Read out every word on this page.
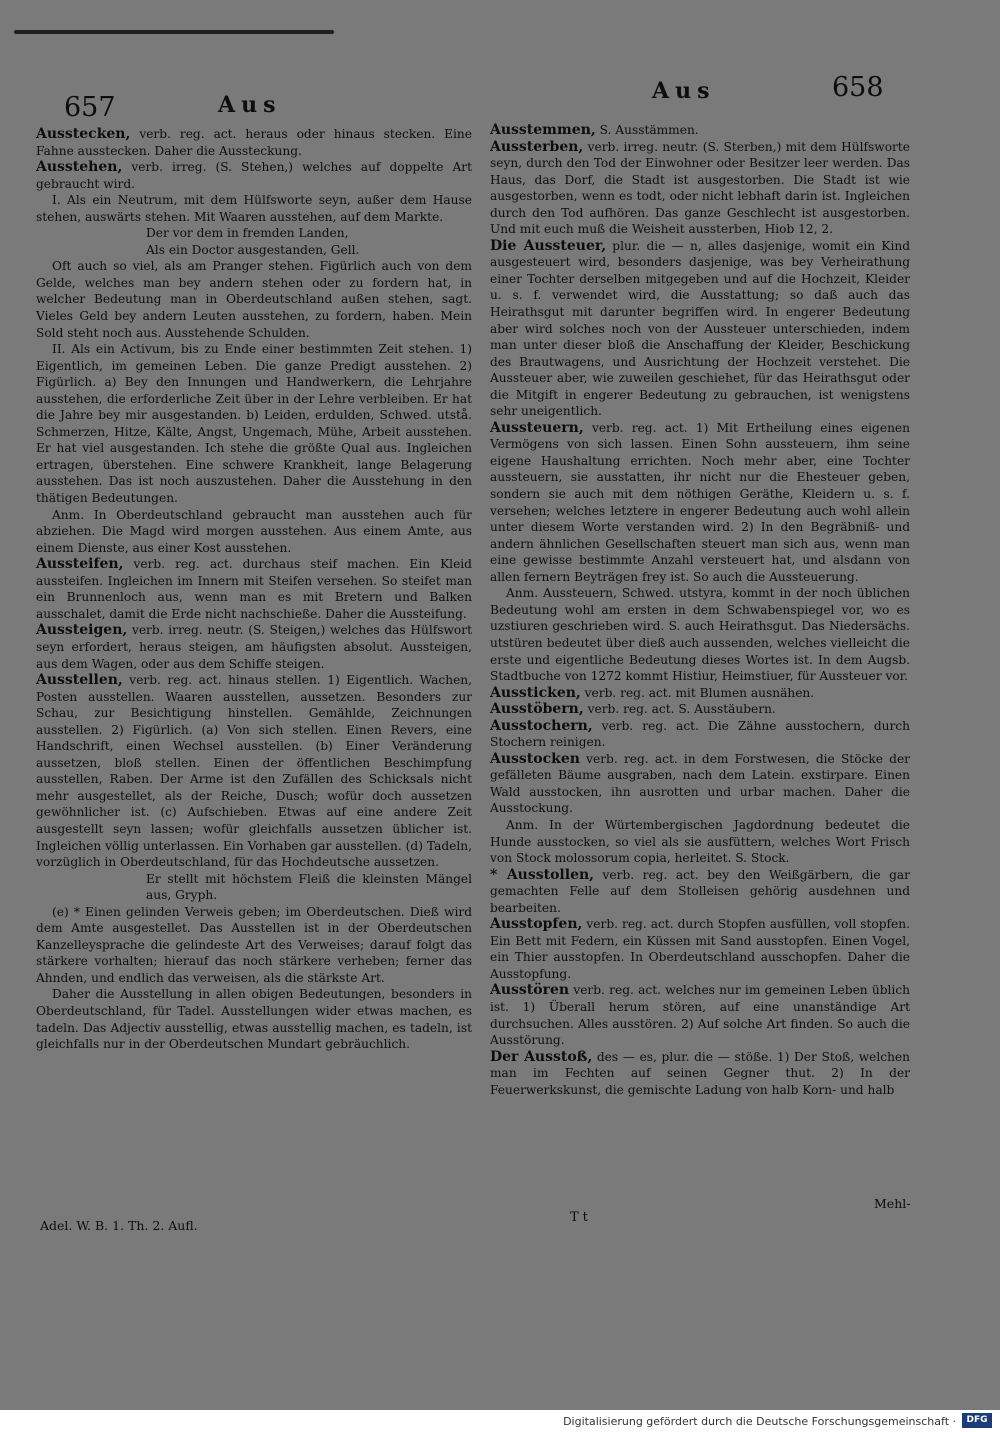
657	Aus
Aus	658

Ausstecken, verb. reg. act. heraus oder hinaus stecken. Eine Fahne ausstecken. Daher die Aussteckung.

Ausstehen, verb. irreg. (S. Stehen,) welches auf doppelte Art gebraucht wird.

I. Als ein Neutrum, mit dem Hülfsworte seyn, außer dem Hause stehen, auswärts stehen. Mit Waaren ausstehen, auf dem Markte.

Der vor dem in fremden Landen,

Als ein Doctor ausgestanden, Gell.

Oft auch so viel, als am Pranger stehen. Figürlich auch von dem Gelde, welches man bey andern stehen oder zu fordern hat, in welcher Bedeutung man in Oberdeutschland außen stehen, sagt. Vieles Geld bey andern Leuten ausstehen, zu fordern, haben. Mein Sold steht noch aus. Ausstehende Schulden.

II. Als ein Activum, bis zu Ende einer bestimmten Zeit stehen. 1) Eigentlich, im gemeinen Leben. Die ganze Predigt ausstehen. 2) Figürlich. a) Bey den Innungen und Handwerkern, die Lehrjahre ausstehen, die erforderliche Zeit über in der Lehre verbleiben. Er hat die Jahre bey mir ausgestanden. b) Leiden, erdulden, Schwed. utstå. Schmerzen, Hitze, Kälte, Angst, Ungemach, Mühe, Arbeit ausstehen. Er hat viel ausgestanden. Ich stehe die größte Qual aus. Ingleichen ertragen, überstehen. Eine schwere Krankheit, lange Belagerung ausstehen. Das ist noch auszustehen. Daher die Ausstehung in den thätigen Bedeutungen.

Anm. In Oberdeutschland gebraucht man ausstehen auch für abziehen. Die Magd wird morgen ausstehen. Aus einem Amte, aus einem Dienste, aus einer Kost ausstehen.

Aussteifen, verb. reg. act. durchaus steif machen. Ein Kleid aussteifen. Ingleichen im Innern mit Steifen versehen. So steifet man ein Brunnenloch aus, wenn man es mit Bretern und Balken ausschalet, damit die Erde nicht nachschieße. Daher die Aussteifung.

Aussteigen, verb. irreg. neutr. (S. Steigen,) welches das Hülfswort seyn erfordert, heraus steigen, am häufigsten absolut. Aussteigen, aus dem Wagen, oder aus dem Schiffe steigen.

Ausstellen, verb. reg. act. hinaus stellen. 1) Eigentlich. Wachen, Posten ausstellen. Waaren ausstellen, aussetzen. Besonders zur Schau, zur Besichtigung hinstellen. Gemählde, Zeichnungen ausstellen. 2) Figürlich. (a) Von sich stellen. Einen Revers, eine Handschrift, einen Wechsel ausstellen. (b) Einer Veränderung aussetzen, bloß stellen. Einen der öffentlichen Beschimpfung ausstellen, Raben. Der Arme ist den Zufällen des Schicksals nicht mehr ausgestellet, als der Reiche, Dusch; wofür doch aussetzen gewöhnlicher ist. (c) Aufschieben. Etwas auf eine andere Zeit ausgestellt seyn lassen; wofür gleichfalls aussetzen üblicher ist. Ingleichen völlig unterlassen. Ein Vorhaben gar ausstellen. (d) Tadeln, vorzüglich in Oberdeutschland, für das Hochdeutsche aussetzen.

Er stellt mit höchstem Fleiß die kleinsten Mängel aus, Gryph.

(e) * Einen gelinden Verweis geben; im Oberdeutschen. Dieß wird dem Amte ausgestellet. Das Ausstellen ist in der Oberdeutschen Kanzelleysprache die gelindeste Art des Verweises; darauf folgt das stärkere vorhalten; hierauf das noch stärkere verheben; ferner das Ahnden, und endlich das verweisen, als die stärkste Art.

Daher die Ausstellung in allen obigen Bedeutungen, besonders in Oberdeutschland, für Tadel. Ausstellungen wider etwas machen, es tadeln. Das Adjectiv ausstellig, etwas ausstellig machen, es tadeln, ist gleichfalls nur in der Oberdeutschen Mundart gebräuchlich.

Ausstemmen, S. Ausstämmen.

Aussterben, verb. irreg. neutr. (S. Sterben,) mit dem Hülfsworte seyn, durch den Tod der Einwohner oder Besitzer leer werden. Das Haus, das Dorf, die Stadt ist ausgestorben. Die Stadt ist wie ausgestorben, wenn es todt, oder nicht lebhaft darin ist. Ingleichen durch den Tod aufhören. Das ganze Geschlecht ist ausgestorben. Und mit euch muß die Weisheit aussterben, Hiob 12, 2.

Die Aussteuer, plur. die — n, alles dasjenige, womit ein Kind ausgesteuert wird, besonders dasjenige, was bey Verheirathung einer Tochter derselben mitgegeben und auf die Hochzeit, Kleider u. s. f. verwendet wird, die Ausstattung; so daß auch das Heirathsgut mit darunter begriffen wird. In engerer Bedeutung aber wird solches noch von der Aussteuer unterschieden, indem man unter dieser bloß die Anschaffung der Kleider, Beschickung des Brautwagens, und Ausrichtung der Hochzeit verstehet. Die Aussteuer aber, wie zuweilen geschiehet, für das Heirathsgut oder die Mitgift in engerer Bedeutung zu gebrauchen, ist wenigstens sehr uneigentlich.

Aussteuern, verb. reg. act. 1) Mit Ertheilung eines eigenen Vermögens von sich lassen. Einen Sohn aussteuern, ihm seine eigene Haushaltung errichten. Noch mehr aber, eine Tochter aussteuern, sie ausstatten, ihr nicht nur die Ehesteuer geben, sondern sie auch mit dem nöthigen Geräthe, Kleidern u. s. f. versehen; welches letztere in engerer Bedeutung auch wohl allein unter diesem Worte verstanden wird. 2) In den Begräbniß- und andern ähnlichen Gesellschaften steuert man sich aus, wenn man eine gewisse bestimmte Anzahl versteuert hat, und alsdann von allen fernern Beyträgen frey ist. So auch die Aussteuerung.

Anm. Aussteuern, Schwed. utstyra, kommt in der noch üblichen Bedeutung wohl am ersten in dem Schwabenspiegel vor, wo es uzstiuren geschrieben wird. S. auch Heirathsgut. Das Niedersächs. utstüren bedeutet über dieß auch aussenden, welches vielleicht die erste und eigentliche Bedeutung dieses Wortes ist. In dem Augsb. Stadtbuche von 1272 kommt Histiur, Heimstiuer, für Aussteuer vor.

Aussticken, verb. reg. act. mit Blumen ausnähen.

Ausstöbern, verb. reg. act. S. Ausstäubern.

Ausstochern, verb. reg. act. Die Zähne ausstochern, durch Stochern reinigen.

Ausstocken verb. reg. act. in dem Forstwesen, die Stöcke der gefälleten Bäume ausgraben, nach dem Latein. exstirpare. Einen Wald ausstocken, ihn ausrotten und urbar machen. Daher die Ausstockung.

Anm. In der Würtembergischen Jagdordnung bedeutet die Hunde ausstocken, so viel als sie ausfüttern, welches Wort Frisch von Stock molossorum copia, herleitet. S. Stock.

* Ausstollen, verb. reg. act. bey den Weißgärbern, die gar gemachten Felle auf dem Stolleisen gehörig ausdehnen und bearbeiten.

Ausstopfen, verb. reg. act. durch Stopfen ausfüllen, voll stopfen. Ein Bett mit Federn, ein Küssen mit Sand ausstopfen. Einen Vogel, ein Thier ausstopfen. In Oberdeutschland ausschopfen. Daher die Ausstopfung.

Ausstören verb. reg. act. welches nur im gemeinen Leben üblich ist. 1) Überall herum stören, auf eine unanständige Art durchsuchen. Alles ausstören. 2) Auf solche Art finden. So auch die Ausstörung.

Der Ausstoß, des — es, plur. die — stöße. 1) Der Stoß, welchen man im Fechten auf seinen Gegner thut. 2) In der Feuerwerkskunst, die gemischte Ladung von halb Korn- und halb

Adel. W. B. 1. Th. 2. Aufl.
Tt
Mehl-
Digitalisierung gefördert durch die Deutsche Forschungsgemeinschaft ·	DFG
